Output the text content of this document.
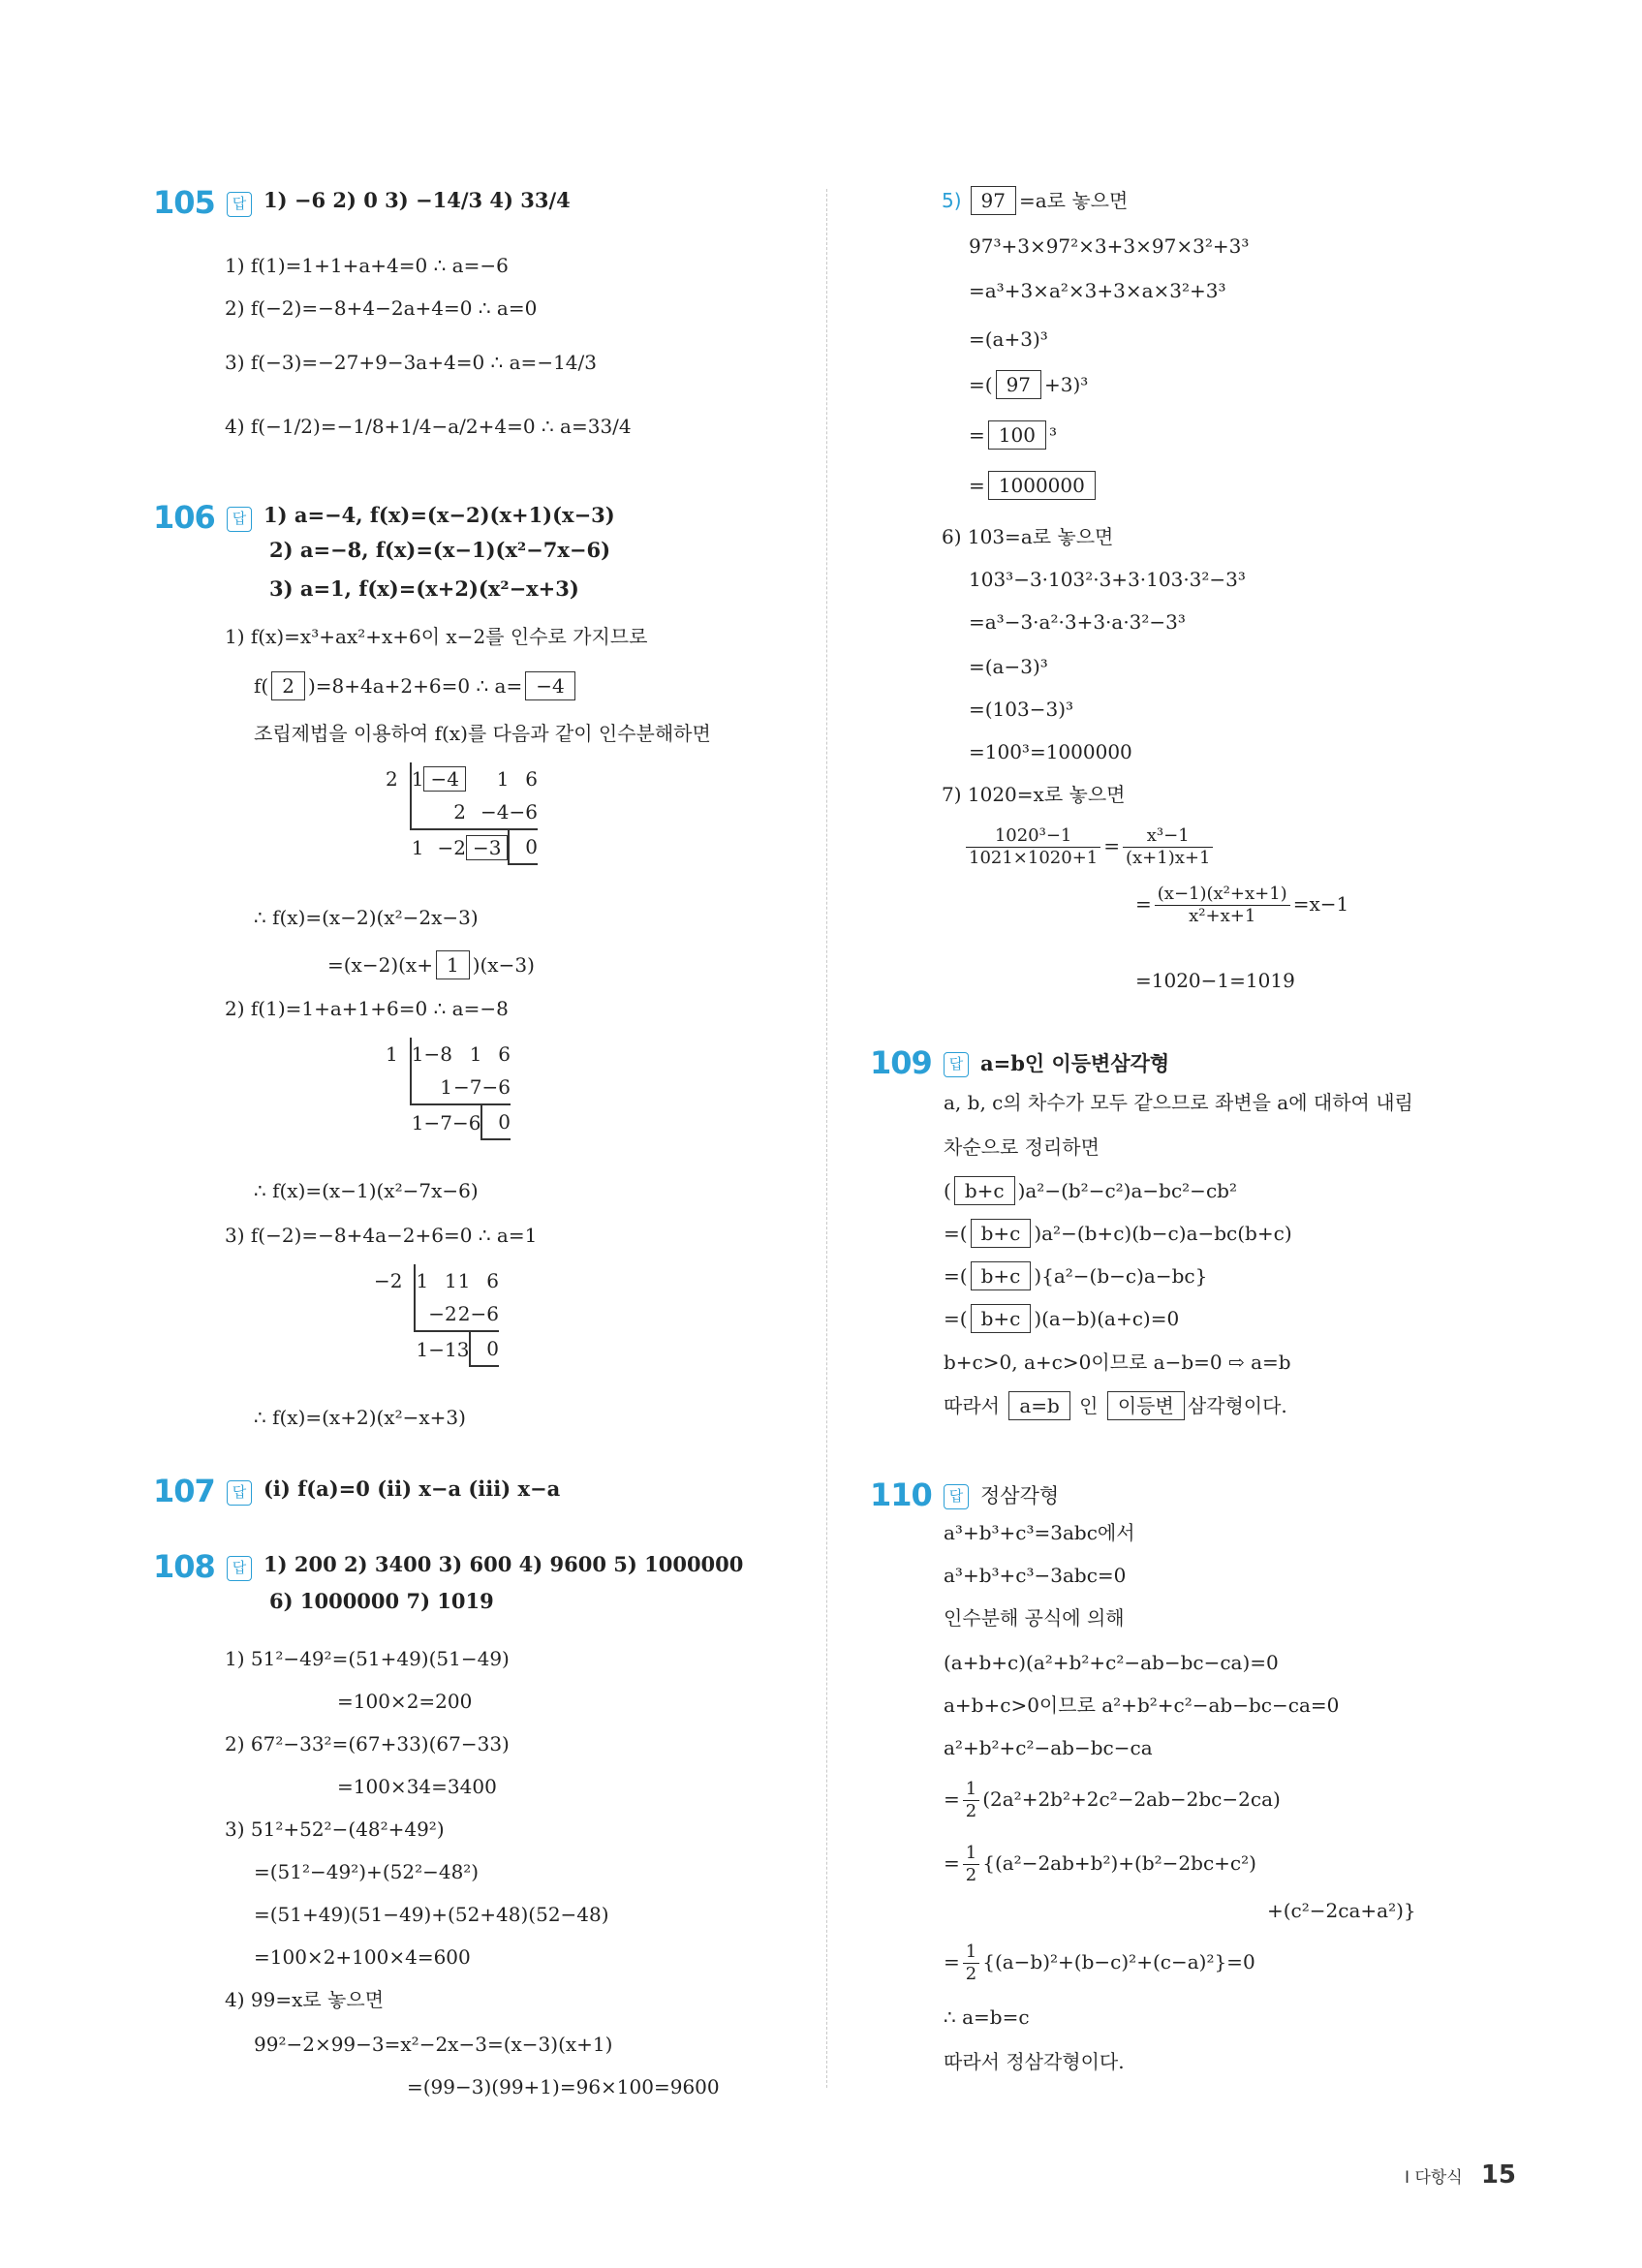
105	답 1) −6 2) 0 3) −14/3 4) 33/4
1) f(1)=1+1+a+4=0 ∴ a=−6
2) f(−2)=−8+4−2a+4=0 ∴ a=0
3) f(−3)=−27+9−3a+4=0 ∴ a=−14/3
4) f(−1/2)=−1/8+1/4−a/2+4=0 ∴ a=33/4
106	답 1) a=−4, f(x)=(x−2)(x+1)(x−3)
2) a=−8, f(x)=(x−1)(x²−7x−6)
3) a=1, f(x)=(x+2)(x²−x+3)
1) f(x)=x³+ax²+x+6이 x−2를 인수로 가지므로
f( 2 )=8+4a+2+6=0 ∴ a= −4
조립제법을 이용하여 f(x)를 다음과 같이 인수분해하면
2	1	−4	1	6
		2	−4	−6
	1	−2	−3	0
∴ f(x)=(x−2)(x²−2x−3)
=(x−2)(x+ 1 )(x−3)
2) f(1)=1+a+1+6=0 ∴ a=−8
1	1	−8	1	6
		1	−7	−6
	1	−7	−6	0
∴ f(x)=(x−1)(x²−7x−6)
3) f(−2)=−8+4a−2+6=0 ∴ a=1
−2	1	1	1	6
		−2	2	−6
	1	−1	3	0
∴ f(x)=(x+2)(x²−x+3)
107	답 (i) f(a)=0 (ii) x−a (iii) x−a
108	답 1) 200 2) 3400 3) 600 4) 9600 5) 1000000
6) 1000000 7) 1019
1) 51²−49²=(51+49)(51−49)
=100×2=200
2) 67²−33²=(67+33)(67−33)
=100×34=3400
3) 51²+52²−(48²+49²)
=(51²−49²)+(52²−48²)
=(51+49)(51−49)+(52+48)(52−48)
=100×2+100×4=600
4) 99=x로 놓으면
99²−2×99−3=x²−2x−3=(x−3)(x+1)
=(99−3)(99+1)=96×100=9600
5) 97 =a로 놓으면
97³+3×97²×3+3×97×3²+3³
=a³+3×a²×3+3×a×3²+3³
=(a+3)³
=( 97 +3)³
= 100 ³
= 1000000
6) 103=a로 놓으면
103³−3·103²·3+3·103·3²−3³
=a³−3·a²·3+3·a·3²−3³
=(a−3)³
=(103−3)³
=100³=1000000
7) 1020=x로 놓으면
$\frac{\text{1020³−1}}{1021\times 1020+1} = \frac{\text{x³−1}}{(x+1)x+1}$
= $\frac{\text{(x−1)(x²+x+1)}}{\text{x²+x+1}} =x-1$
=1020−1=1019
109	답 a=b인 이등변삼각형
a, b, c의 차수가 모두 같으므로 좌변을 a에 대하여 내림
차순으로 정리하면
( b+c )a²−(b²−c²)a−bc²−cb²
=( b+c )a²−(b+c)(b−c)a−bc(b+c)
=( b+c ){a²−(b−c)a−bc}
=( b+c )(a−b)(a+c)=0
b+c>0, a+c>0이므로 a−b=0 ⇨ a=b
따라서 a=b 인 이등변 삼각형이다.
110	답 정삼각형
a³+b³+c³=3abc에서
a³+b³+c³−3abc=0
인수분해 공식에 의해
(a+b+c)(a²+b²+c²−ab−bc−ca)=0
a+b+c>0이므로 a²+b²+c²−ab−bc−ca=0
a²+b²+c²−ab−bc−ca
= $\frac{1}{2} (2a^2+2b^2+2c^2-2ab-2bc-2ca)$
= $\frac{1}{2} \{(a^2-2ab+b^2)+(b^2-2bc+c^2)$
+(c²−2ca+a²)}
= $\frac{1}{2} \{(a-b)^2+(b-c)^2+(c-a)^2\}=0$
∴ a=b=c
따라서 정삼각형이다.
Ⅰ 다항식 15
